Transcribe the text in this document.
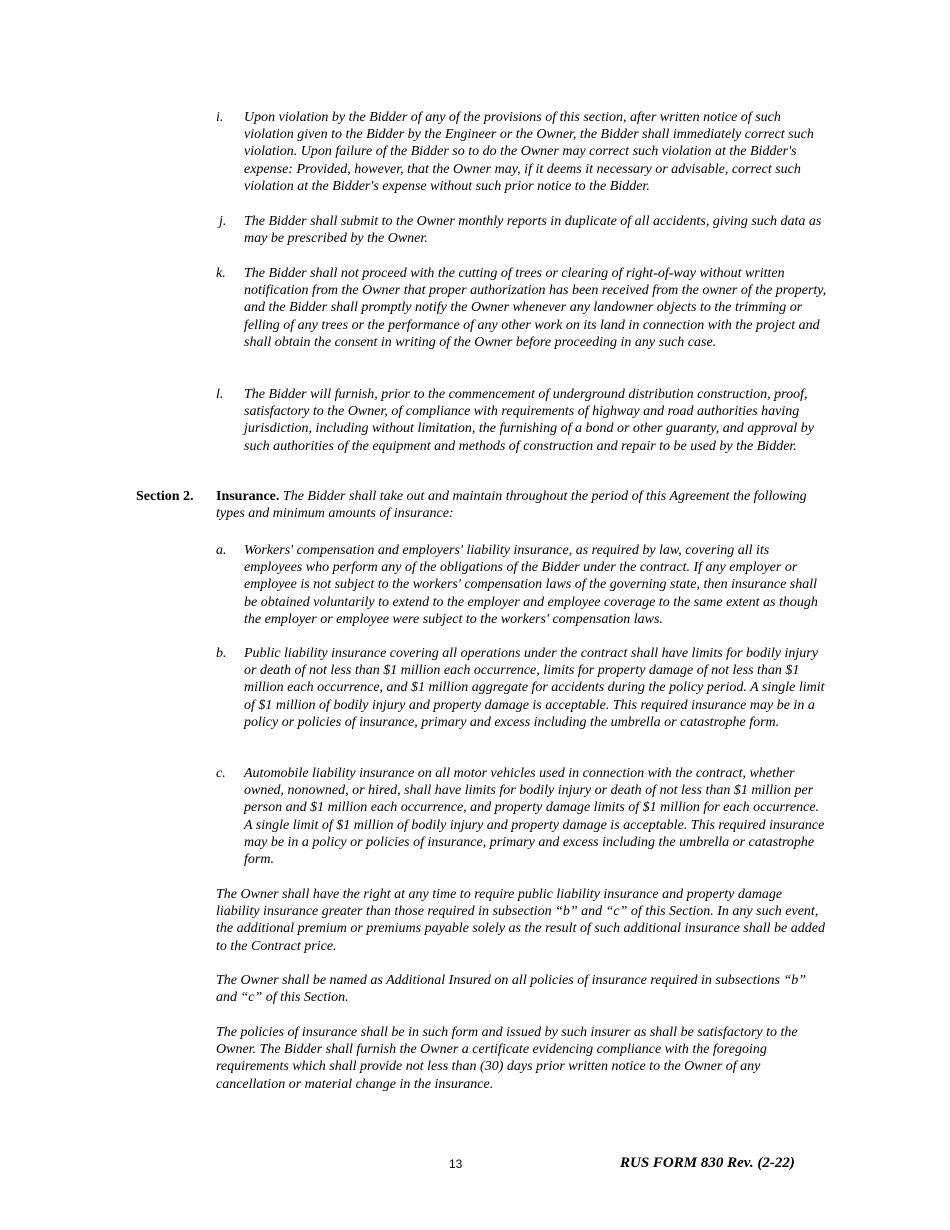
i. Upon violation by the Bidder of any of the provisions of this section, after written notice of such violation given to the Bidder by the Engineer or the Owner, the Bidder shall immediately correct such violation. Upon failure of the Bidder so to do the Owner may correct such violation at the Bidder's expense: Provided, however, that the Owner may, if it deems it necessary or advisable, correct such violation at the Bidder's expense without such prior notice to the Bidder.
j. The Bidder shall submit to the Owner monthly reports in duplicate of all accidents, giving such data as may be prescribed by the Owner.
k. The Bidder shall not proceed with the cutting of trees or clearing of right-of-way without written notification from the Owner that proper authorization has been received from the owner of the property, and the Bidder shall promptly notify the Owner whenever any landowner objects to the trimming or felling of any trees or the performance of any other work on its land in connection with the project and shall obtain the consent in writing of the Owner before proceeding in any such case.
l. The Bidder will furnish, prior to the commencement of underground distribution construction, proof, satisfactory to the Owner, of compliance with requirements of highway and road authorities having jurisdiction, including without limitation, the furnishing of a bond or other guaranty, and approval by such authorities of the equipment and methods of construction and repair to be used by the Bidder.
Section 2. Insurance. The Bidder shall take out and maintain throughout the period of this Agreement the following types and minimum amounts of insurance:
a. Workers' compensation and employers' liability insurance, as required by law, covering all its employees who perform any of the obligations of the Bidder under the contract. If any employer or employee is not subject to the workers' compensation laws of the governing state, then insurance shall be obtained voluntarily to extend to the employer and employee coverage to the same extent as though the employer or employee were subject to the workers' compensation laws.
b. Public liability insurance covering all operations under the contract shall have limits for bodily injury or death of not less than $1 million each occurrence, limits for property damage of not less than $1 million each occurrence, and $1 million aggregate for accidents during the policy period. A single limit of $1 million of bodily injury and property damage is acceptable. This required insurance may be in a policy or policies of insurance, primary and excess including the umbrella or catastrophe form.
c. Automobile liability insurance on all motor vehicles used in connection with the contract, whether owned, nonowned, or hired, shall have limits for bodily injury or death of not less than $1 million per person and $1 million each occurrence, and property damage limits of $1 million for each occurrence. A single limit of $1 million of bodily injury and property damage is acceptable. This required insurance may be in a policy or policies of insurance, primary and excess including the umbrella or catastrophe form.
The Owner shall have the right at any time to require public liability insurance and property damage liability insurance greater than those required in subsection “b” and “c” of this Section. In any such event, the additional premium or premiums payable solely as the result of such additional insurance shall be added to the Contract price.
The Owner shall be named as Additional Insured on all policies of insurance required in subsections “b” and “c” of this Section.
The policies of insurance shall be in such form and issued by such insurer as shall be satisfactory to the Owner. The Bidder shall furnish the Owner a certificate evidencing compliance with the foregoing requirements which shall provide not less than (30) days prior written notice to the Owner of any cancellation or material change in the insurance.
13	RUS FORM 830 Rev. (2-22)
